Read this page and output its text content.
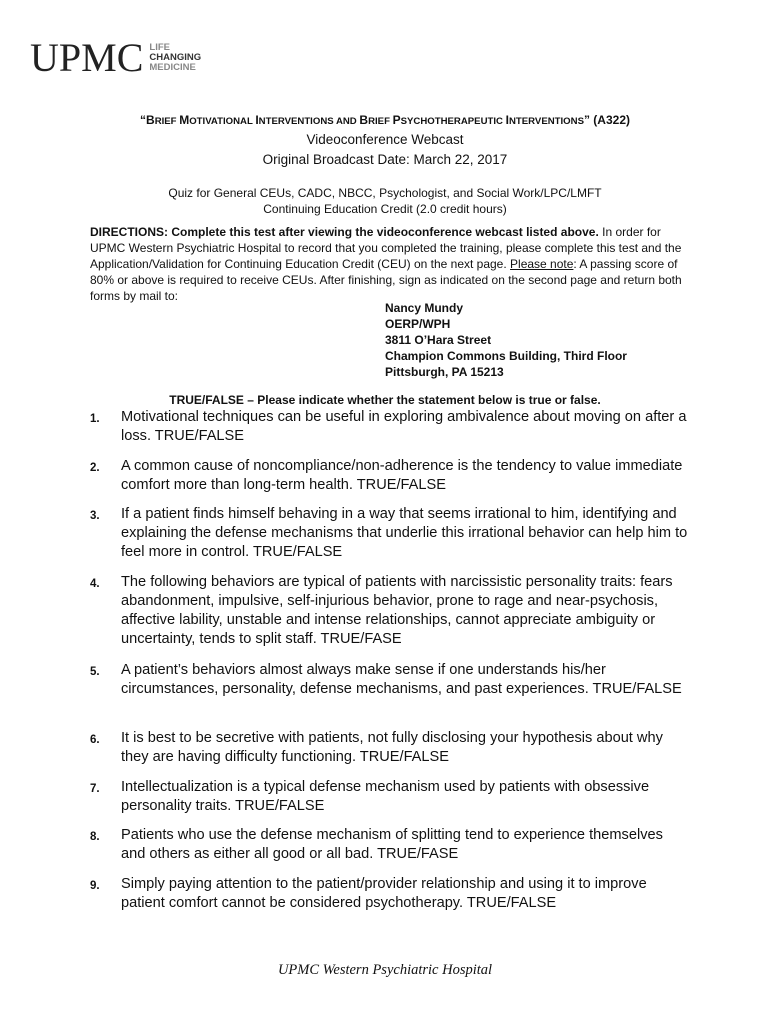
UPMC LIFE
CHANGING
MEDICINE
“BRIEF MOTIVATIONAL INTERVENTIONS AND BRIEF PSYCHOTHERAPEUTIC INTERVENTIONS” (A322)
Videoconference Webcast
Original Broadcast Date: March 22, 2017
Quiz for General CEUs, CADC, NBCC, Psychologist, and Social Work/LPC/LMFT
Continuing Education Credit (2.0 credit hours)
DIRECTIONS: Complete this test after viewing the videoconference webcast listed above. In order for UPMC Western Psychiatric Hospital to record that you completed the training, please complete this test and the Application/Validation for Continuing Education Credit (CEU) on the next page. Please note: A passing score of 80% or above is required to receive CEUs. After finishing, sign as indicated on the second page and return both forms by mail to:
Nancy Mundy
OERP/WPH
3811 O’Hara Street
Champion Commons Building, Third Floor
Pittsburgh, PA 15213
TRUE/FALSE – Please indicate whether the statement below is true or false.
1.	Motivational techniques can be useful in exploring ambivalence about moving on after a loss. TRUE/FALSE
2.	A common cause of noncompliance/non-adherence is the tendency to value immediate comfort more than long-term health. TRUE/FALSE
3.	If a patient finds himself behaving in a way that seems irrational to him, identifying and explaining the defense mechanisms that underlie this irrational behavior can help him to feel more in control. TRUE/FALSE
4.	The following behaviors are typical of patients with narcissistic personality traits: fears abandonment, impulsive, self-injurious behavior, prone to rage and near-psychosis, affective lability, unstable and intense relationships, cannot appreciate ambiguity or uncertainty, tends to split staff. TRUE/FASE
5.	A patient’s behaviors almost always make sense if one understands his/her circumstances, personality, defense mechanisms, and past experiences. TRUE/FALSE
6.	It is best to be secretive with patients, not fully disclosing your hypothesis about why they are having difficulty functioning. TRUE/FALSE
7.	Intellectualization is a typical defense mechanism used by patients with obsessive personality traits. TRUE/FALSE
8.	Patients who use the defense mechanism of splitting tend to experience themselves and others as either all good or all bad. TRUE/FASE
9.	Simply paying attention to the patient/provider relationship and using it to improve patient comfort cannot be considered psychotherapy. TRUE/FALSE
UPMC Western Psychiatric Hospital
